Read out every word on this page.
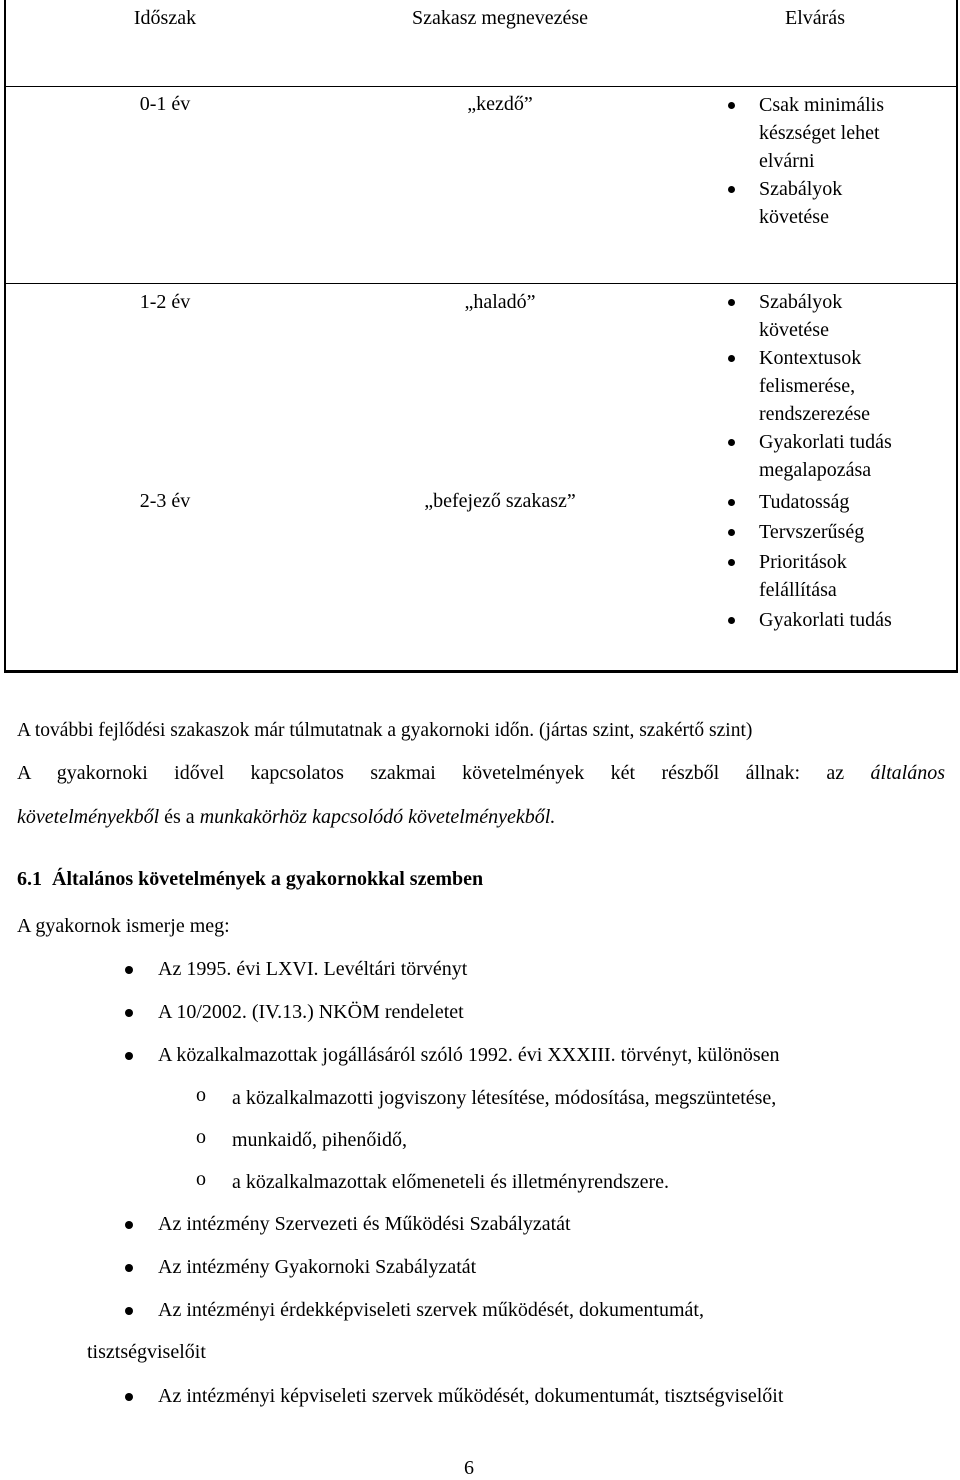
Időszak	Szakasz megnevezése	Elvárás
0-1 év	„kezdő”	Csak minimális
készséget lehet
elvárni
Szabályok
követése
1-2 év	„haladó”	Szabályok
követése
Kontextusok
felismerése,
rendszerezése
Gyakorlati tudás
megalapozása
2-3 év	„befejező szakasz”	Tudatosság
Tervszerűség
Prioritások
felállítása
Gyakorlati tudás
A további fejlődési szakaszok már túlmutatnak a gyakornoki időn. (jártas szint, szakértő szint)
A gyakornoki idővel kapcsolatos szakmai követelmények két részből állnak: az általános
követelményekből és a munkakörhöz kapcsolódó követelményekből.
6.1 Általános követelmények a gyakornokkal szemben
A gyakornok ismerje meg:
Az 1995. évi LXVI. Levéltári törvényt
A 10/2002. (IV.13.) NKÖM rendeletet
A közalkalmazottak jogállásáról szóló 1992. évi XXXIII. törvényt, különösen
o a közalkalmazotti jogviszony létesítése, módosítása, megszüntetése,
o munkaidő, pihenőidő,
o a közalkalmazottak előmeneteli és illetményrendszere.
Az intézmény Szervezeti és Működési Szabályzatát
Az intézmény Gyakornoki Szabályzatát
Az intézményi érdekképviseleti szervek működését, dokumentumát,
tisztségviselőit
Az intézményi képviseleti szervek működését, dokumentumát, tisztségviselőit
6
